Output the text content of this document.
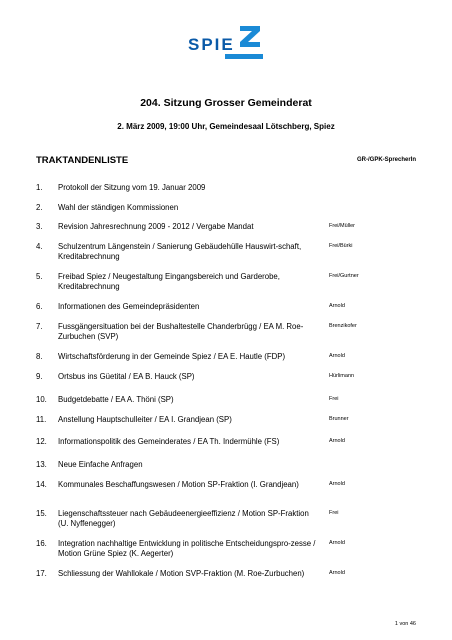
SPIE
GEMEINDE
204. Sitzung Grosser Gemeinderat
2. März 2009, 19:00 Uhr, Gemeindesaal Lötschberg, Spiez
TRAKTANDENLISTE	GR-/GPK-SprecherIn
1.	Protokoll der Sitzung vom 19. Januar 2009
2.	Wahl der ständigen Kommissionen
3.	Revision Jahresrechnung 2009 - 2012 / Vergabe Mandat	Frei/Müller
4.	Schulzentrum Längenstein / Sanierung Gebäudehülle Hauswirt-schaft, Kreditabrechnung
Frei/Bürki
5.	Freibad Spiez / Neugestaltung Eingangsbereich und Garderobe, Kreditabrechnung
Frei/Gurtner
6.	Informationen des Gemeindepräsidenten	Arnold
7.	Fussgängersituation bei der Bushaltestelle Chanderbrügg / EA M. Roe-Zurbuchen (SVP)
Brenzikofer
8.	Wirtschaftsförderung in der Gemeinde Spiez / EA E. Hautle (FDP)	Arnold
9.	Ortsbus ins Güetital / EA B. Hauck (SP)	Hürlimann
10.	Budgetdebatte / EA A. Thöni (SP)	Frei
11.	Anstellung Hauptschulleiter / EA I. Grandjean (SP)	Brunner
12.	Informationspolitik des Gemeinderates / EA Th. Indermühle (FS)	Arnold
13.	Neue Einfache Anfragen
14.	Kommunales Beschaffungswesen / Motion SP-Fraktion (I. Grandjean)	Arnold
15.	Liegenschaftssteuer nach Gebäudeenergieeffizienz / Motion SP-Fraktion (U. Nyffenegger)
Frei
16.	Integration nachhaltige Entwicklung in politische Entscheidungspro-zesse / Motion Grüne Spiez (K. Aegerter)
Arnold
17.	Schliessung der Wahllokale / Motion SVP-Fraktion (M. Roe-Zurbuchen)	Arnold
1 von 46
